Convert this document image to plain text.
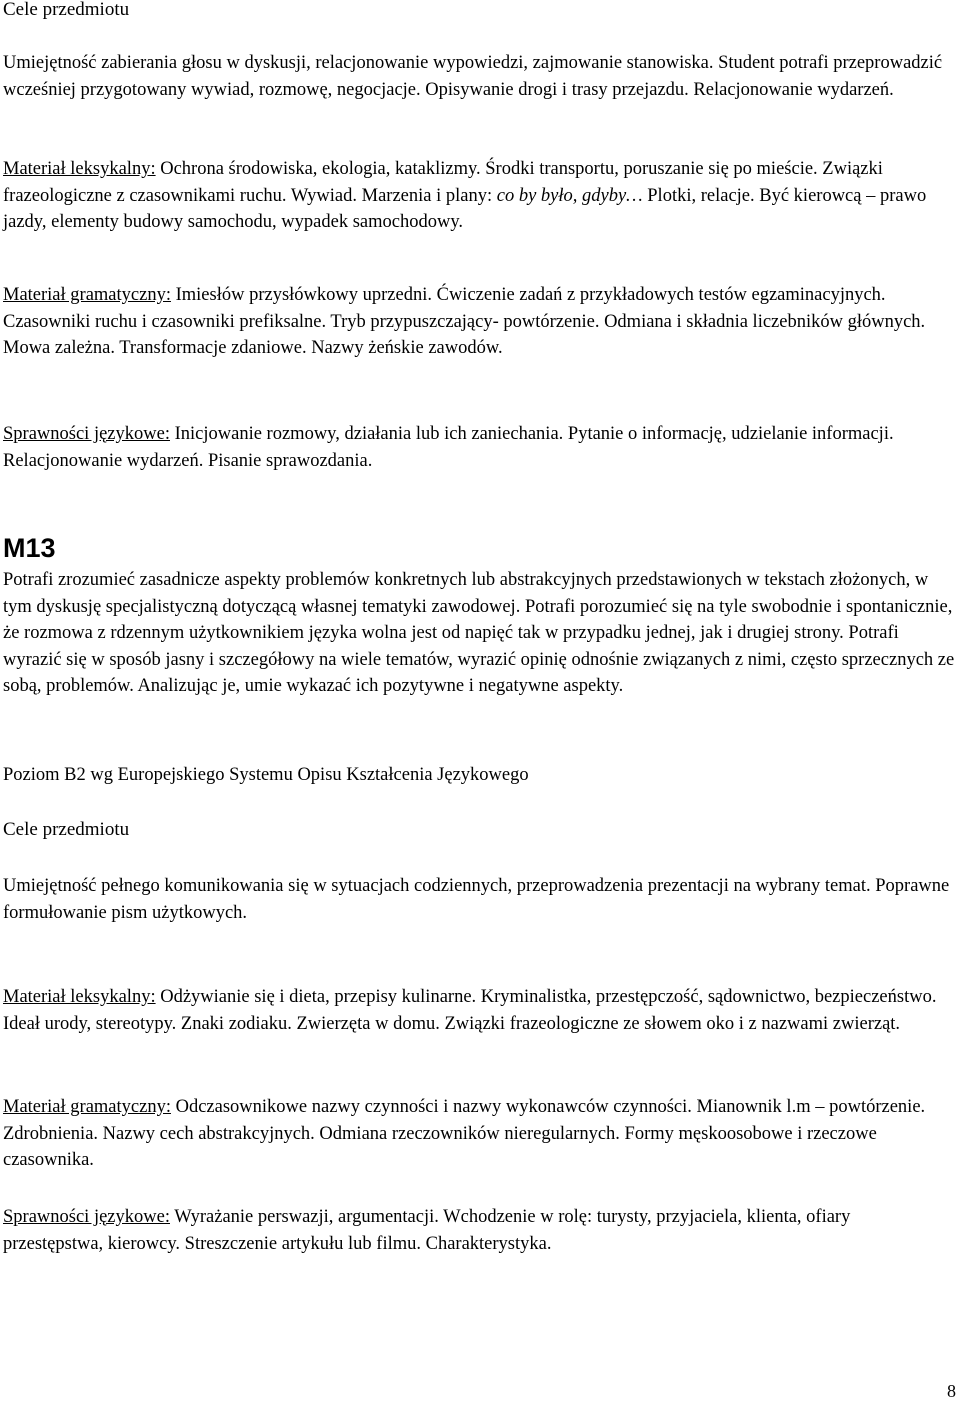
Cele przedmiotu

Umiejętność zabierania głosu w dyskusji, relacjonowanie wypowiedzi, zajmowanie stanowiska. Student potrafi przeprowadzić wcześniej przygotowany wywiad, rozmowę, negocjacje. Opisywanie drogi i trasy przejazdu. Relacjonowanie wydarzeń.

Materiał leksykalny: Ochrona środowiska, ekologia, kataklizmy. Środki transportu, poruszanie się po mieście. Związki frazeologiczne z czasownikami ruchu. Wywiad. Marzenia i plany: co by było, gdyby… Plotki, relacje. Być kierowcą – prawo jazdy, elementy budowy samochodu, wypadek samochodowy.

Materiał gramatyczny: Imiesłów przysłówkowy uprzedni. Ćwiczenie zadań z przykładowych testów egzaminacyjnych. Czasowniki ruchu i czasowniki prefiksalne. Tryb przypuszczający- powtórzenie. Odmiana i składnia liczebników głównych. Mowa zależna. Transformacje zdaniowe. Nazwy żeńskie zawodów.

Sprawności językowe: Inicjowanie rozmowy, działania lub ich zaniechania. Pytanie o informację, udzielanie informacji. Relacjonowanie wydarzeń. Pisanie sprawozdania.

M13

Potrafi zrozumieć zasadnicze aspekty problemów konkretnych lub abstrakcyjnych przedstawionych w tekstach złożonych, w tym dyskusję specjalistyczną dotyczącą własnej tematyki zawodowej. Potrafi porozumieć się na tyle swobodnie i spontanicznie, że rozmowa z rdzennym użytkownikiem języka wolna jest od napięć tak w przypadku jednej, jak i drugiej strony. Potrafi wyrazić się w sposób jasny i szczegółowy na wiele tematów, wyrazić opinię odnośnie związanych z nimi, często sprzecznych ze sobą, problemów. Analizując je, umie wykazać ich pozytywne i negatywne aspekty.

Poziom B2 wg Europejskiego Systemu Opisu Kształcenia Językowego

Cele przedmiotu

Umiejętność pełnego komunikowania się w sytuacjach codziennych, przeprowadzenia prezentacji na wybrany temat. Poprawne formułowanie pism użytkowych.

Materiał leksykalny: Odżywianie się i dieta, przepisy kulinarne. Kryminalistka, przestępczość, sądownictwo, bezpieczeństwo. Ideał urody, stereotypy. Znaki zodiaku. Zwierzęta w domu. Związki frazeologiczne ze słowem oko i z nazwami zwierząt.

Materiał gramatyczny: Odczasownikowe nazwy czynności i nazwy wykonawców czynności. Mianownik l.m – powtórzenie. Zdrobnienia. Nazwy cech abstrakcyjnych. Odmiana rzeczowników nieregularnych. Formy męskoosobowe i rzeczowe czasownika.

Sprawności językowe: Wyrażanie perswazji, argumentacji. Wchodzenie w rolę: turysty, przyjaciela, klienta, ofiary przestępstwa, kierowcy. Streszczenie artykułu lub filmu. Charakterystyka.

8
